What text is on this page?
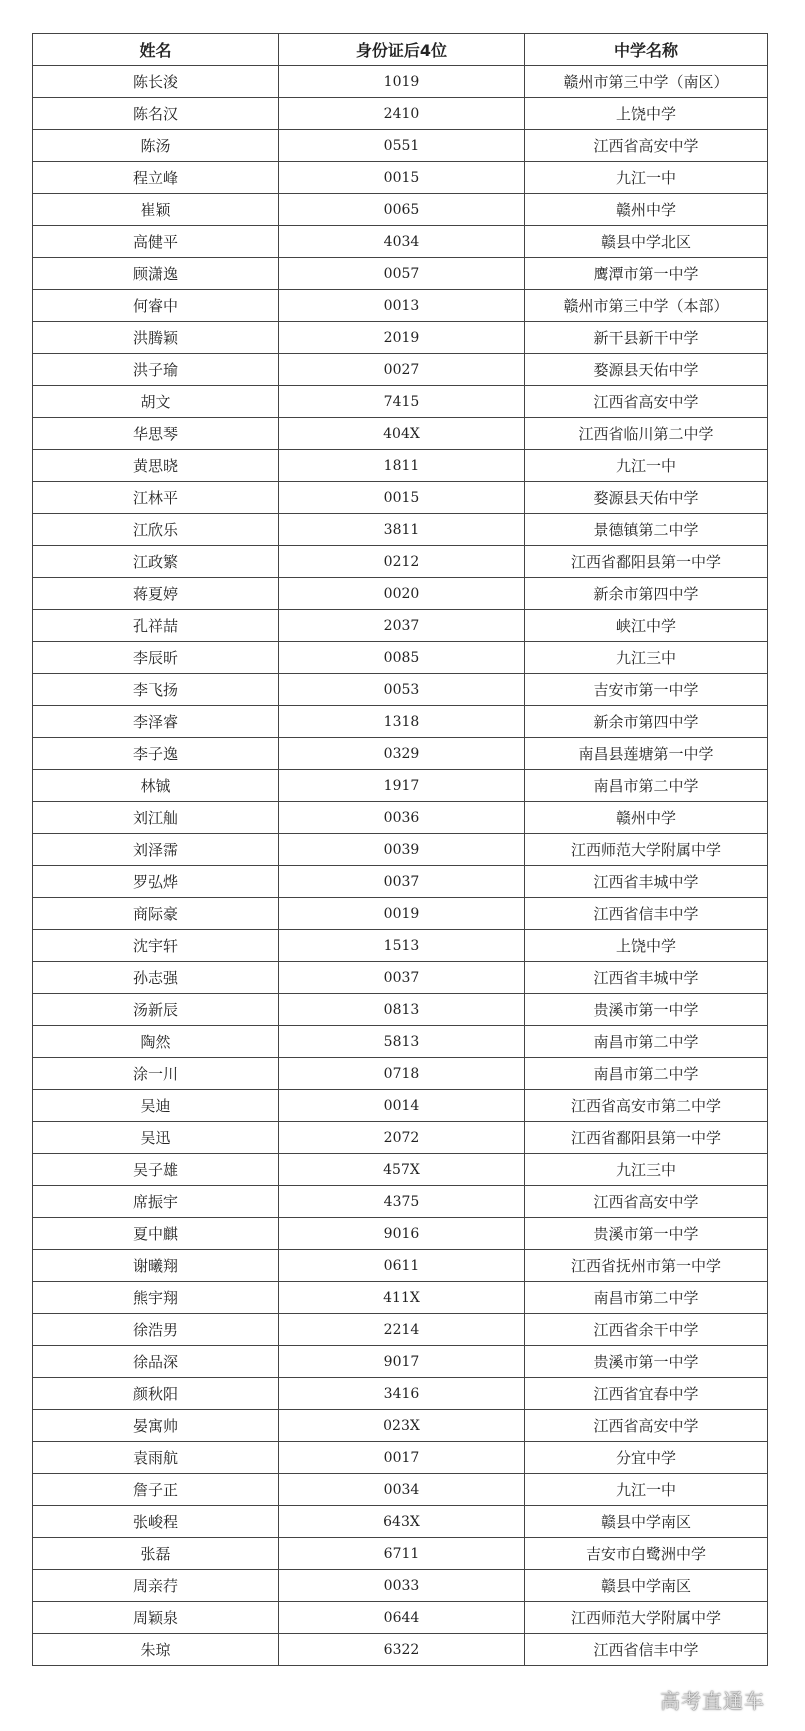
姓名	身份证后4位	中学名称
陈长浚	1019	赣州市第三中学（南区）
陈名汉	2410	上饶中学
陈汤	0551	江西省高安中学
程立峰	0015	九江一中
崔颖	0065	赣州中学
高健平	4034	赣县中学北区
顾潇逸	0057	鹰潭市第一中学
何睿中	0013	赣州市第三中学（本部）
洪腾颖	2019	新干县新干中学
洪子瑜	0027	婺源县天佑中学
胡文	7415	江西省高安中学
华思琴	404X	江西省临川第二中学
黄思晓	1811	九江一中
江林平	0015	婺源县天佑中学
江欣乐	3811	景德镇第二中学
江政繁	0212	江西省鄱阳县第一中学
蒋夏婷	0020	新余市第四中学
孔祥喆	2037	峡江中学
李辰昕	0085	九江三中
李飞扬	0053	吉安市第一中学
李泽睿	1318	新余市第四中学
李子逸	0329	南昌县莲塘第一中学
林铖	1917	南昌市第二中学
刘江舢	0036	赣州中学
刘泽霈	0039	江西师范大学附属中学
罗弘烨	0037	江西省丰城中学
商际豪	0019	江西省信丰中学
沈宇轩	1513	上饶中学
孙志强	0037	江西省丰城中学
汤新辰	0813	贵溪市第一中学
陶然	5813	南昌市第二中学
涂一川	0718	南昌市第二中学
吴迪	0014	江西省高安市第二中学
吴迅	2072	江西省鄱阳县第一中学
吴子雄	457X	九江三中
席振宇	4375	江西省高安中学
夏中麒	9016	贵溪市第一中学
谢曦翔	0611	江西省抚州市第一中学
熊宇翔	411X	南昌市第二中学
徐浩男	2214	江西省余干中学
徐品深	9017	贵溪市第一中学
颜秋阳	3416	江西省宜春中学
晏寓帅	023X	江西省高安中学
袁雨航	0017	分宜中学
詹子正	0034	九江一中
张峻程	643X	赣县中学南区
张磊	6711	吉安市白鹭洲中学
周亲荇	0033	赣县中学南区
周颖泉	0644	江西师范大学附属中学
朱琼	6322	江西省信丰中学
高考直通车
